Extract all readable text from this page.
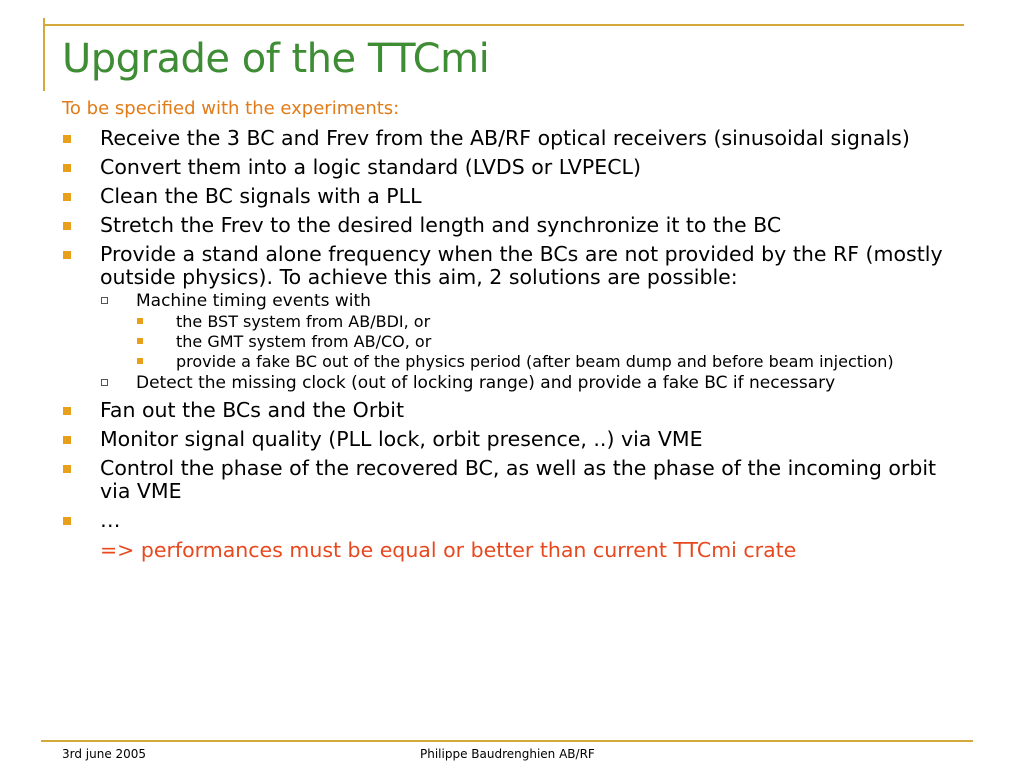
Upgrade of the TTCmi
To be specified with the experiments:
Receive the 3 BC and Frev from the AB/RF optical receivers (sinusoidal signals)
Convert them into a logic standard (LVDS or LVPECL)
Clean the BC signals with a PLL
Stretch the Frev to the desired length and synchronize it to the BC
Provide a stand alone frequency when the BCs are not provided by the RF (mostly outside physics). To achieve this aim, 2 solutions are possible:
Machine timing events with
the BST system from AB/BDI, or
the GMT system from AB/CO, or
provide a fake BC out of the physics period (after beam dump and before beam injection)
Detect the missing clock (out of locking range) and provide a fake BC if necessary
Fan out the BCs and the Orbit
Monitor signal quality (PLL lock, orbit presence, ..) via VME
Control the phase of the recovered BC, as well as the phase of the incoming orbit via VME
…
=> performances must be equal or better than current TTCmi crate
3rd june 2005	Philippe Baudrenghien AB/RF
